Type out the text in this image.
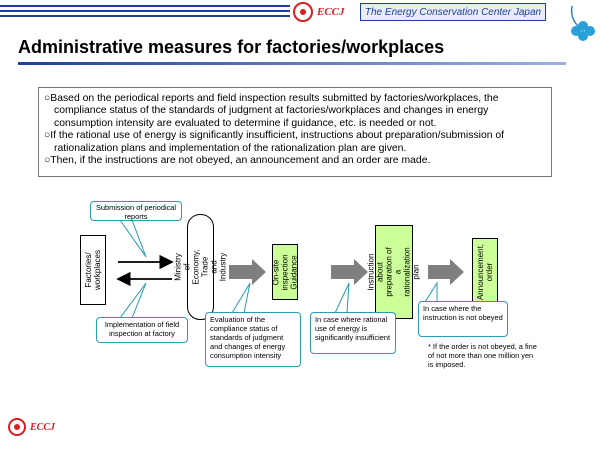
ECCJ	The Energy Conservation Center Japan
Administrative measures for factories/workplaces

○Based on the periodical reports and field inspection results submitted by factories/workplaces, the compliance status of the standards of judgment at factories/workplaces and changes in energy consumption intensity are evaluated to determine if guidance, etc. is needed or not.

○If the rational use of energy is significantly insufficient, instructions about preparation/submission of rationalization plans and implementation of the rationalization plan are given.

○Then, if the instructions are not obeyed, an announcement and an order are made.

Factories/ workplaces	Ministry of Economy, Trade and Industry	On-site inspection Guidance	Instruction about preparation of a rationalization plan	Announcement, order
Submission of periodical reports
Implementation of field inspection at factory
Evaluation of the compliance status of standards of judgment and changes of energy consumption intensity
In case where rational use of energy is significantly insufficient
In case where the instruction is not obeyed
* If the order is not obeyed, a fine of not more than one million yen is imposed.
ECCJ
